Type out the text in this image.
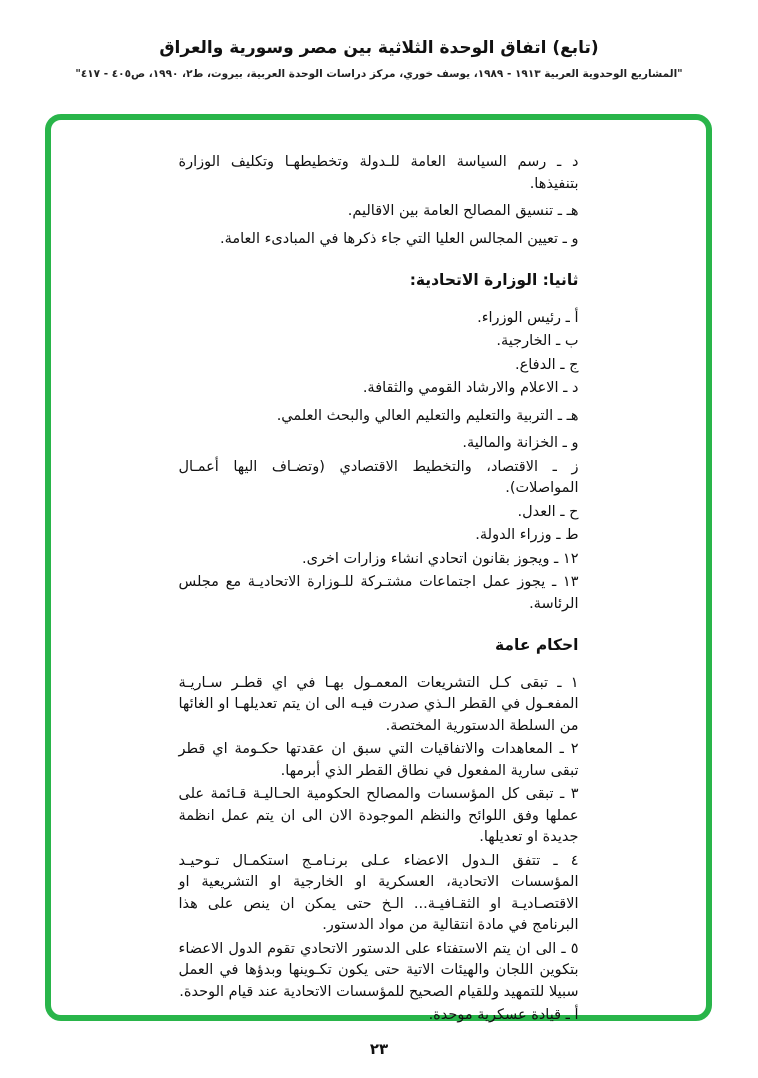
(تابع) اتفاق الوحدة الثلاثية بين مصر وسورية والعراق

"المشاريع الوحدوية العربية ١٩١٣ - ١٩٨٩، يوسف خوري، مركز دراسات الوحدة العربية، بيروت، ط٢، ١٩٩٠، ص٤٠٥ - ٤١٧"

د ـ رسم السياسة العامة للـدولة وتخطيطهـا وتكليف الوزارة بتنفيذها.

هـ ـ تنسيق المصالح العامة بين الاقاليم.

و ـ تعيين المجالس العليا التي جاء ذكرها في المبادىء العامة.

ثانيا: الوزارة الاتحادية:

أ ـ رئيس الوزراء.

ب ـ الخارجية.

ج ـ الدفاع.

د ـ الاعلام والارشاد القومي والثقافة.

هـ ـ التربية والتعليم والتعليم العالي والبحث العلمي.

و ـ الخزانة والمالية.

ز ـ الاقتصاد، والتخطيط الاقتصادي (وتضـاف اليها أعمـال المواصلات).

ح ـ العدل.

ط ـ وزراء الدولة.

١٢ ـ ويجوز بقانون اتحادي انشاء وزارات اخرى.

١٣ ـ يجوز عمل اجتماعات مشتـركة للـوزارة الاتحاديـة مع مجلس الرئاسة.

احكام عامة

١ ـ تبقى كـل التشريعات المعمـول بهـا في اي قطـر سـاريـة المفعـول في القطر الـذي صدرت فيـه الى ان يتم تعديلهـا او الغائها من السلطة الدستورية المختصة.

٢ ـ المعاهدات والاتفاقيات التي سبق ان عقدتها حكـومة اي قطر تبقى سارية المفعول في نطاق القطر الذي أبرمها.

٣ ـ تبقى كل المؤسسات والمصالح الحكومية الحـاليـة قـائمة على عملها وفق اللوائح والنظم الموجودة الان الى ان يتم عمل انظمة جديدة او تعديلها.

٤ ـ تتفق الـدول الاعضاء عـلى برنـامـج استكمـال تـوحيـد المؤسسات الاتحادية، العسكرية او الخارجية او التشريعية او الاقتصـاديـة او الثقـافيـة... الـخ حتى يمكن ان ينص على هذا البرنامج في مادة انتقالية من مواد الدستور.

٥ ـ الى ان يتم الاستفتاء على الدستور الاتحادي تقوم الدول الاعضاء بتكوين اللجان والهيئات الاتية حتى يكون تكـوينها وبدؤها في العمل سبيلا للتمهيد وللقيام الصحيح للمؤسسات الاتحادية عند قيام الوحدة.

أ ـ قيادة عسكرية موحدة.

٢٣
